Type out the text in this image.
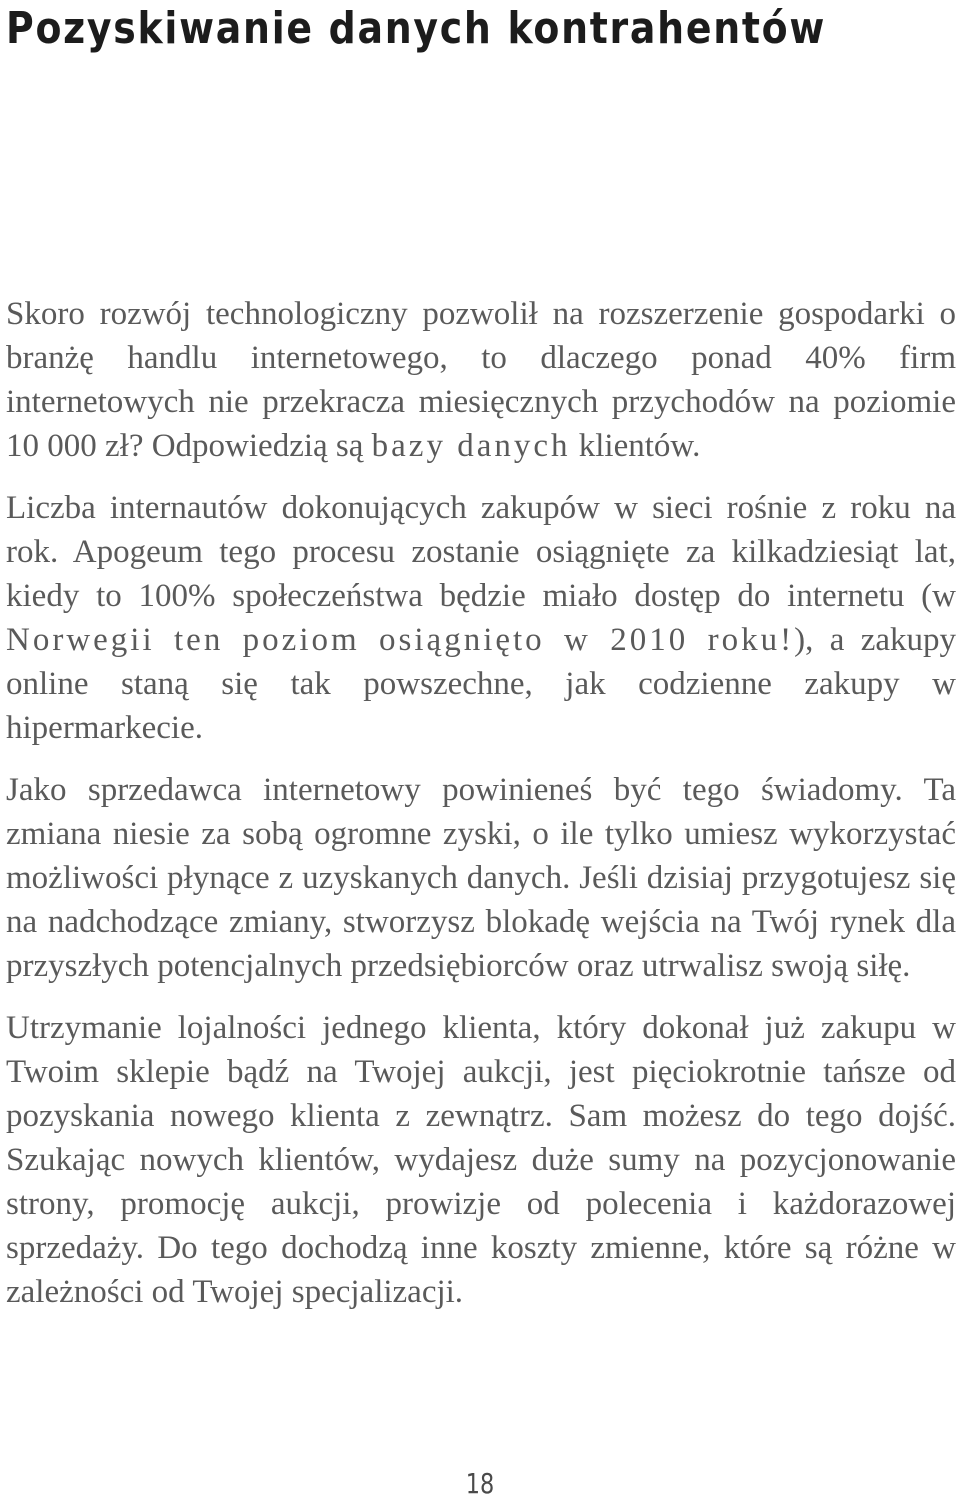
Pozyskiwanie danych kontrahentów

Skoro rozwój technologiczny pozwolił na rozszerzenie gospodarki o branżę handlu internetowego, to dlaczego ponad 40% firm internetowych nie przekracza miesięcznych przychodów na poziomie 10 000 zł? Odpowiedzią są bazy danych klientów.

Liczba internautów dokonujących zakupów w sieci rośnie z roku na rok. Apogeum tego procesu zostanie osiągnięte za kilkadziesiąt lat, kiedy to 100% społeczeństwa będzie miało dostęp do internetu (w Norwegii ten poziom osiągnięto w 2010 roku!), a zakupy online staną się tak powszechne, jak codzienne zakupy w hipermarkecie.

Jako sprzedawca internetowy powinieneś być tego świadomy. Ta zmiana niesie za sobą ogromne zyski, o ile tylko umiesz wykorzystać możliwości płynące z uzyskanych danych. Jeśli dzisiaj przygotujesz się na nadchodzące zmiany, stworzysz blokadę wejścia na Twój rynek dla przyszłych potencjalnych przedsiębiorców oraz utrwalisz swoją siłę.

Utrzymanie lojalności jednego klienta, który dokonał już zakupu w Twoim sklepie bądź na Twojej aukcji, jest pięciokrotnie tańsze od pozyskania nowego klienta z zewnątrz. Sam możesz do tego dojść. Szukając nowych klientów, wydajesz duże sumy na pozycjonowanie strony, promocję aukcji, prowizje od polecenia i każdorazowej sprzedaży. Do tego dochodzą inne koszty zmienne, które są różne w zależności od Twojej specjalizacji.

18
